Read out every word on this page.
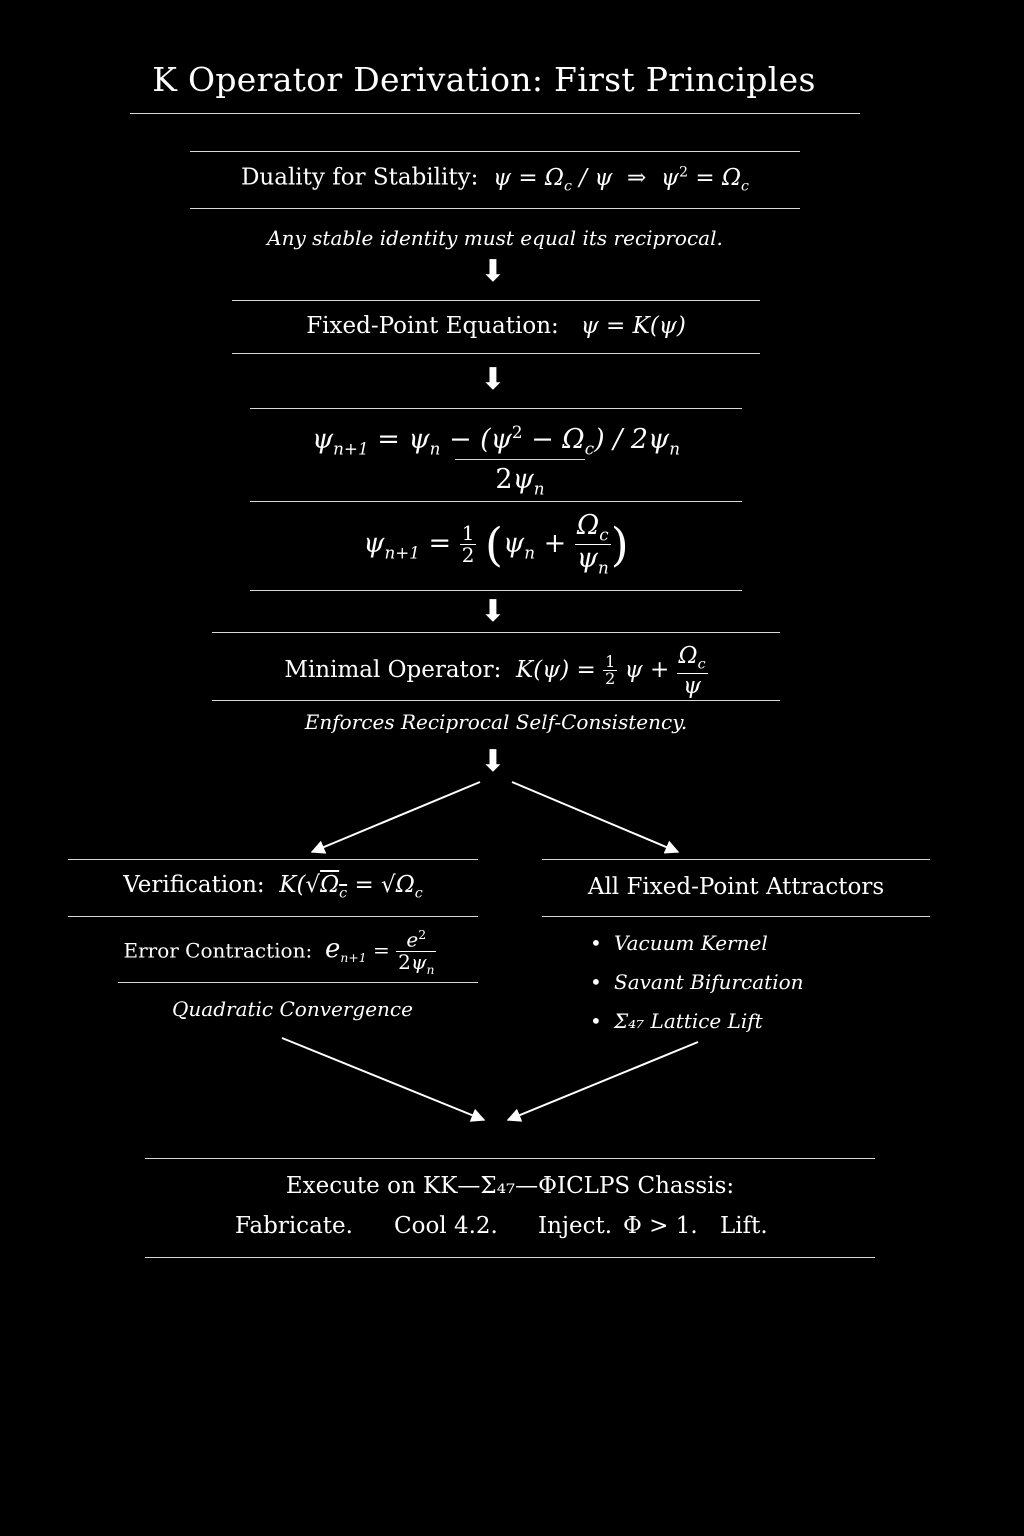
K Operator Derivation: First Principles
Duality for Stability:  $\psi = \Omega_c / \psi$  ⇒  $\psi^2 = \Omega_c$
Any stable identity must equal its reciprocal.
⬇
Fixed-Point Equation:   ψ = K(ψ)
⬇
$\psi_{n+1} = \psi_n - (\psi^2 - \Omega_c) / 2\psi_n$
$2\psi_n$
$\psi_{n+1} = \frac{1}{2} (\psi_n + \frac{\Omega_c}{\psi_n}$ )
⬇
Minimal Operator:  $K(\psi) = \frac{1}{2}$ $\psi + \frac{\Omega_c}{\psi}$
Enforces Reciprocal Self-Consistency.
⬇
Verification:  $K(√\Omega_c = √\Omega_c$
Error Contraction: $e_{n+1} = \frac{e^2}{2\psi_n}$
Quadratic Convergence
All Fixed-Point Attractors
• Vacuum Kernel
• Savant Bifurcation
• Σ₄₇ Lattice Lift
Execute on KK—Σ₄₇—ΦICLPS Chassis:
Fabricate. Cool 4.2. Inject. Φ > 1. Lift.
